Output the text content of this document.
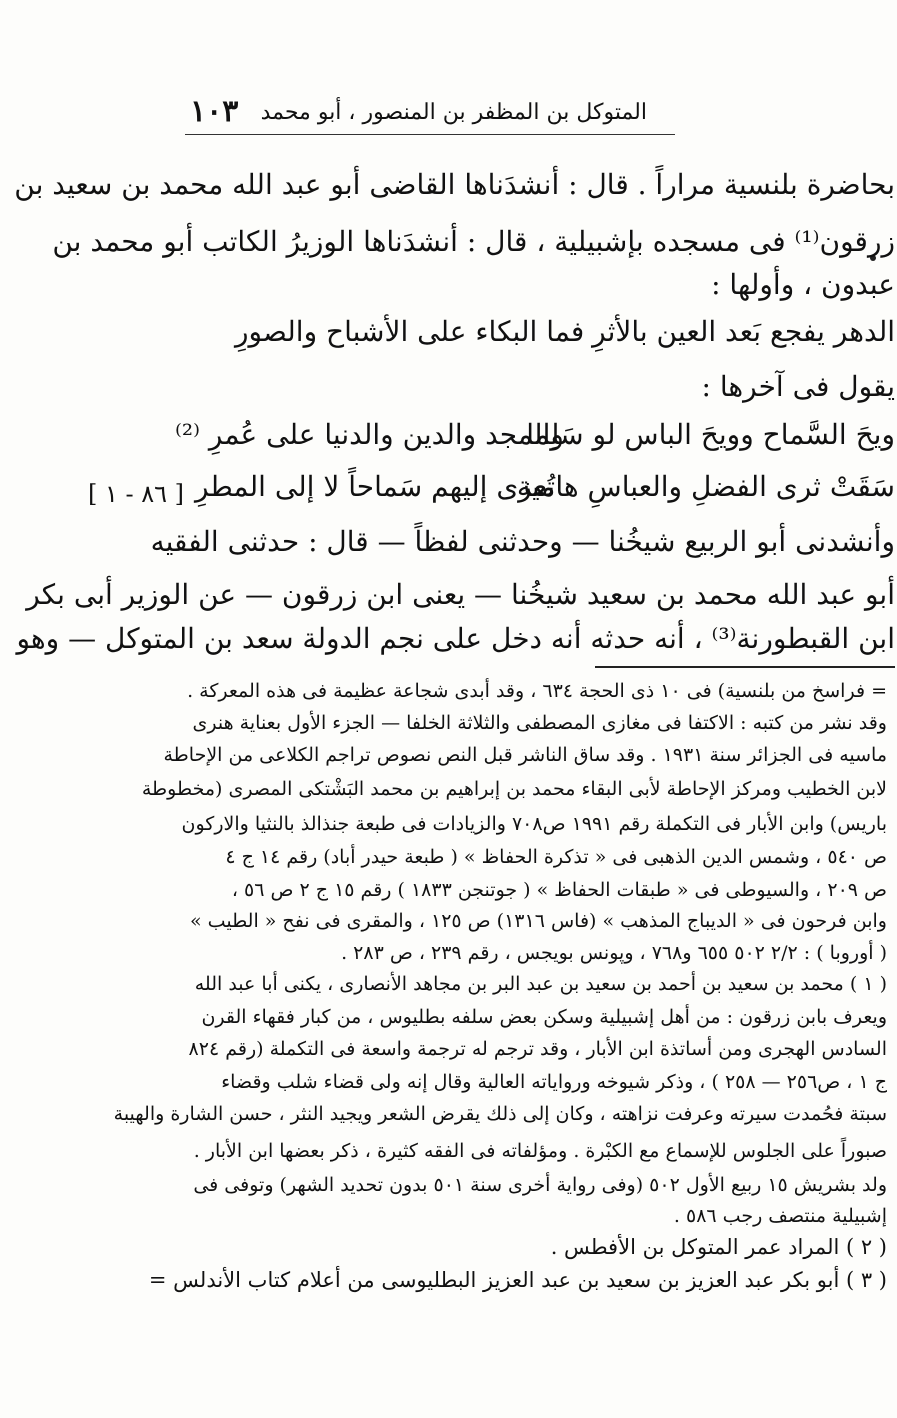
١٠٣ المتوكل بن المظفر بن المنصور ، أبو محمد
بحاضرة بلنسية مراراً . قال : أنشدَناها القاضى أبو عبد الله محمد بن سعيد بن
زرقون⁽¹⁾ فى مسجده بإشبيلية ، قال : أنشدَناها الوزيرُ الكاتب أبو محمد بن
عبدون ، وأولها :
الدهر يفجع بَعد العين بالأثرِ
فما البكاء على الأشباح والصورِ
يقول فى آخرها :
ويحَ السَّماح وويحَ الباس لو سَلِما
والمجد والدين والدنيا على عُمرِ ⁽²⁾
سَقَتْ ثرى الفضلِ والعباسِ هامية
تُعزى إليهم سَماحاً لا إلى المطرِ
وأنشدنى أبو الربيع شيخُنا — وحدثنى لفظاً — قال : حدثنى الفقيه
أبو عبد الله محمد بن سعيد شيخُنا — يعنى ابن زرقون — عن الوزير أبى بكر
ابن القبطورنة⁽³⁾ ، أنه حدثه أنه دخل على نجم الدولة سعد بن المتوكل — وهو
[ ٨٦ - ١ ]
= فراسخ من بلنسية) فى ١٠ ذى الحجة ٦٣٤ ، وقد أبدى شجاعة عظيمة فى هذه المعركة .
وقد نشر من كتبه : الاكتفا فى مغازى المصطفى والثلاثة الخلفا — الجزء الأول بعناية هنرى
ماسيه فى الجزائر سنة ١٩٣١ . وقد ساق الناشر قبل النص نصوص تراجم الكلاعى من الإحاطة
لابن الخطيب ومركز الإحاطة لأبى البقاء محمد بن إبراهيم بن محمد البَشْتكى المصرى (مخطوطة
باريس) وابن الأبار فى التكملة رقم ١٩٩١ ص٧٠٨ والزيادات فى طبعة جنذالذ بالنثيا والاركون
ص ٥٤٠ ، وشمس الدين الذهبى فى « تذكرة الحفاظ » ( طبعة حيدر أباد) رقم ١٤ ج ٤
ص ٢٠٩ ، والسيوطى فى « طبقات الحفاظ » ( جوتنجن ١٨٣٣ ) رقم ١٥ ج ٢ ص ٥٦ ،
وابن فرحون فى « الديباج المذهب » (فاس ١٣١٦) ص ١٢٥ ، والمقرى فى نفح « الطيب »
( أوروبا ) : ٢/٢ ٥٠٢ ٦٥٥ و٧٦٨ ، وپونس بويجس ، رقم ٢٣٩ ، ص ٢٨٣ .
( ١ ) محمد بن سعيد بن أحمد بن سعيد بن عبد البر بن مجاهد الأنصارى ، يكنى أبا عبد الله
ويعرف بابن زرقون : من أهل إشبيلية وسكن بعض سلفه بطليوس ، من كبار فقهاء القرن
السادس الهجرى ومن أساتذة ابن الأبار ، وقد ترجم له ترجمة واسعة فى التكملة (رقم ٨٢٤
ج ١ ، ص٢٥٦ — ٢٥٨ ) ، وذكر شيوخه ورواياته العالية وقال إنه ولى قضاء شلب وقضاء
سبتة فحُمدت سيرته وعرفت نزاهته ، وكان إلى ذلك يقرض الشعر ويجيد النثر ، حسن الشارة والهيبة
صبوراً على الجلوس للإسماع مع الكبْرة . ومؤلفاته فى الفقه كثيرة ، ذكر بعضها ابن الأبار .
ولد بشريش ١٥ ربيع الأول ٥٠٢ (وفى رواية أخرى سنة ٥٠١ بدون تحديد الشهر) وتوفى فى
إشبيلية منتصف رجب ٥٨٦ .
( ٢ ) المراد عمر المتوكل بن الأفطس .
( ٣ ) أبو بكر عبد العزيز بن سعيد بن عبد العزيز البطليوسى من أعلام كتاب الأندلس =
